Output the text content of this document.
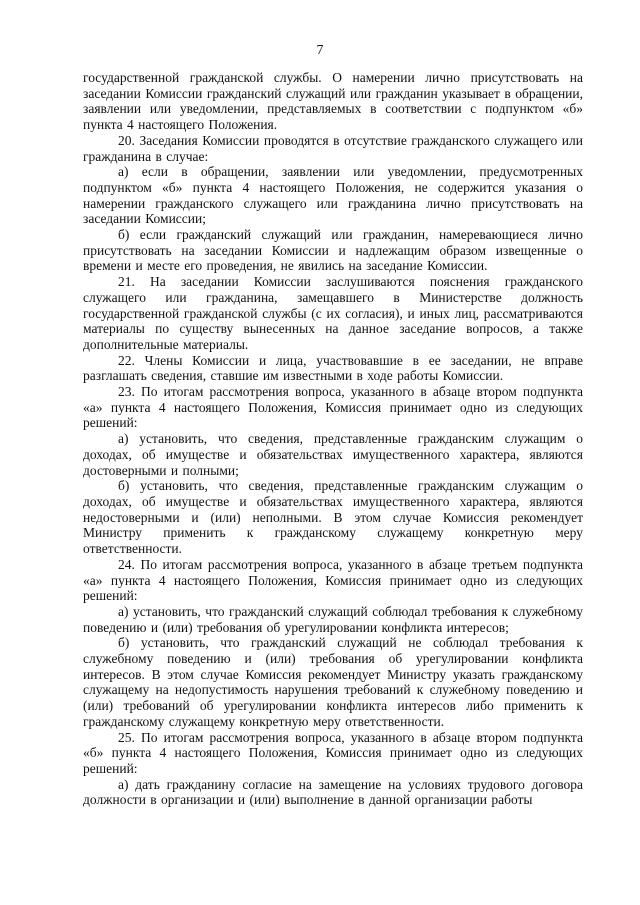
7

государственной гражданской службы. О намерении лично присутствовать на заседании Комиссии гражданский служащий или гражданин указывает в обращении, заявлении или уведомлении, представляемых в соответствии с подпунктом «б» пункта 4 настоящего Положения.

20. Заседания Комиссии проводятся в отсутствие гражданского служащего или гражданина в случае:

а) если в обращении, заявлении или уведомлении, предусмотренных подпунктом «б» пункта 4 настоящего Положения, не содержится указания о намерении гражданского служащего или гражданина лично присутствовать на заседании Комиссии;

б) если гражданский служащий или гражданин, намеревающиеся лично присутствовать на заседании Комиссии и надлежащим образом извещенные о времени и месте его проведения, не явились на заседание Комиссии.

21. На заседании Комиссии заслушиваются пояснения гражданского служащего или гражданина, замещавшего в Министерстве должность государственной гражданской службы (с их согласия), и иных лиц, рассматриваются материалы по существу вынесенных на данное заседание вопросов, а также дополнительные материалы.

22. Члены Комиссии и лица, участвовавшие в ее заседании, не вправе разглашать сведения, ставшие им известными в ходе работы Комиссии.

23. По итогам рассмотрения вопроса, указанного в абзаце втором подпункта «а» пункта 4 настоящего Положения, Комиссия принимает одно из следующих решений:

а) установить, что сведения, представленные гражданским служащим о доходах, об имуществе и обязательствах имущественного характера, являются достоверными и полными;

б) установить, что сведения, представленные гражданским служащим о доходах, об имуществе и обязательствах имущественного характера, являются недостоверными и (или) неполными. В этом случае Комиссия рекомендует Министру применить к гражданскому служащему конкретную меру ответственности.

24. По итогам рассмотрения вопроса, указанного в абзаце третьем подпункта «а» пункта 4 настоящего Положения, Комиссия принимает одно из следующих решений:

а) установить, что гражданский служащий соблюдал требования к служебному поведению и (или) требования об урегулировании конфликта интересов;

б) установить, что гражданский служащий не соблюдал требования к служебному поведению и (или) требования об урегулировании конфликта интересов. В этом случае Комиссия рекомендует Министру указать гражданскому служащему на недопустимость нарушения требований к служебному поведению и (или) требований об урегулировании конфликта интересов либо применить к гражданскому служащему конкретную меру ответственности.

25. По итогам рассмотрения вопроса, указанного в абзаце втором подпункта «б» пункта 4 настоящего Положения, Комиссия принимает одно из следующих решений:

а) дать гражданину согласие на замещение на условиях трудового договора должности в организации и (или) выполнение в данной организации работы
